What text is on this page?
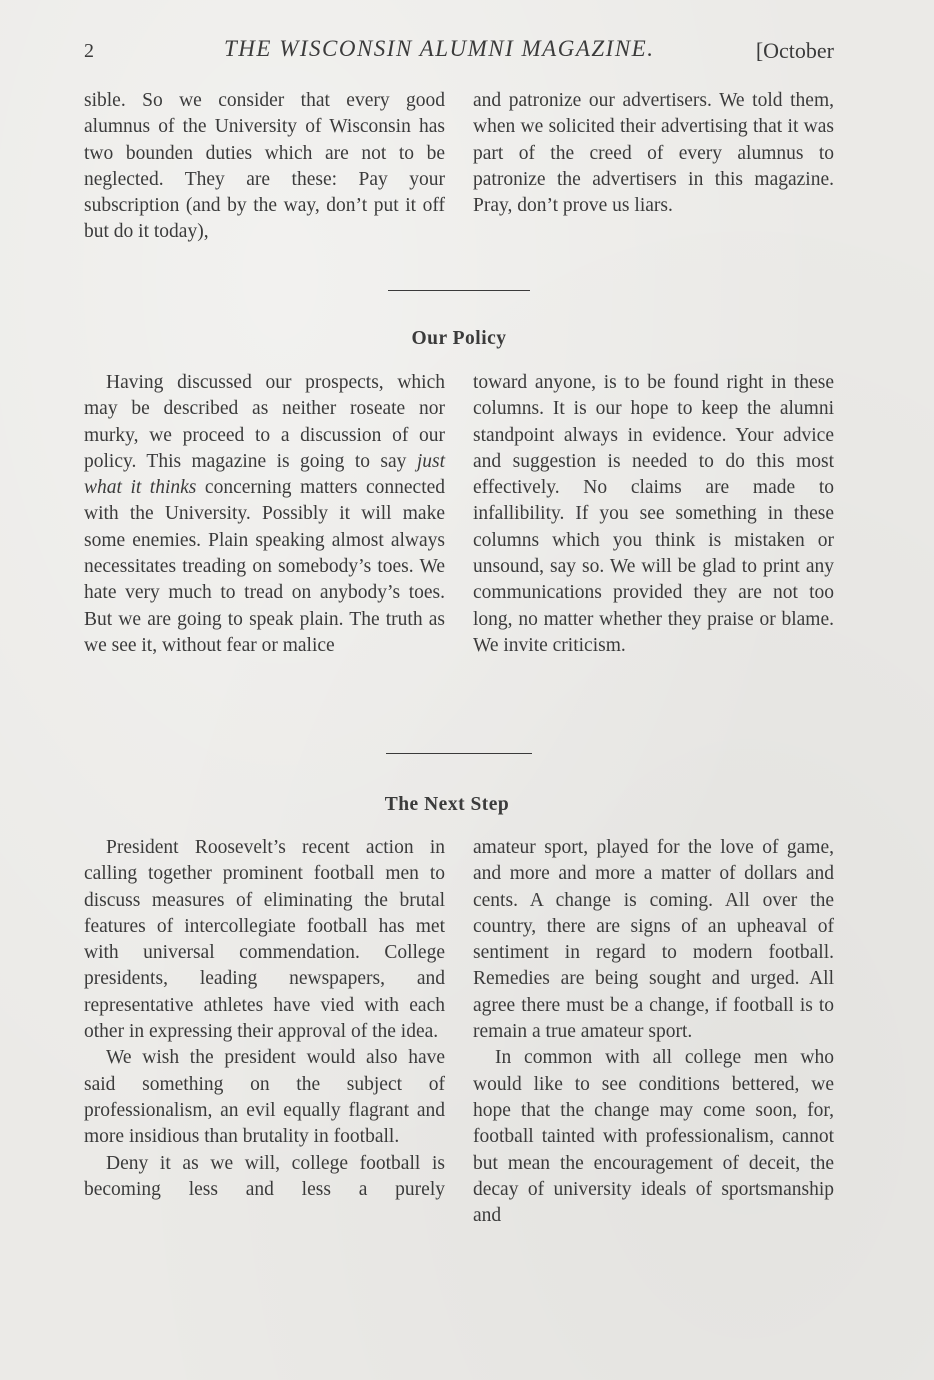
2	THE WISCONSIN ALUMNI MAGAZINE.	[October

sible. So we consider that every good alumnus of the University of Wisconsin has two bounden duties which are not to be neglected. They are these: Pay your subscription (and by the way, don’t put it off but do it today),

and patronize our advertisers. We told them, when we solicited their advertising that it was part of the creed of every alumnus to patronize the advertisers in this magazine. Pray, don’t prove us liars.

Our Policy

Having discussed our prospects, which may be described as neither roseate nor murky, we proceed to a discussion of our policy. This magazine is going to say just what it thinks concerning matters connected with the University. Possibly it will make some enemies. Plain speaking almost always necessitates treading on somebody’s toes. We hate very much to tread on anybody’s toes. But we are going to speak plain. The truth as we see it, without fear or malice

toward anyone, is to be found right in these columns. It is our hope to keep the alumni standpoint always in evidence. Your advice and suggestion is needed to do this most effectively. No claims are made to infallibility. If you see something in these columns which you think is mistaken or unsound, say so. We will be glad to print any communications provided they are not too long, no matter whether they praise or blame. We invite criticism.

The Next Step

President Roosevelt’s recent action in calling together prominent football men to discuss measures of eliminating the brutal features of intercollegiate football has met with universal commendation. College presidents, leading newspapers, and representative athletes have vied with each other in expressing their approval of the idea.

We wish the president would also have said something on the subject of professionalism, an evil equally flagrant and more insidious than brutality in football.

Deny it as we will, college football is becoming less and less a purely

amateur sport, played for the love of game, and more and more a matter of dollars and cents. A change is coming. All over the country, there are signs of an upheaval of sentiment in regard to modern football. Remedies are being sought and urged. All agree there must be a change, if football is to remain a true amateur sport.

In common with all college men who would like to see conditions bettered, we hope that the change may come soon, for, football tainted with professionalism, cannot but mean the encouragement of deceit, the decay of university ideals of sportsmanship and
